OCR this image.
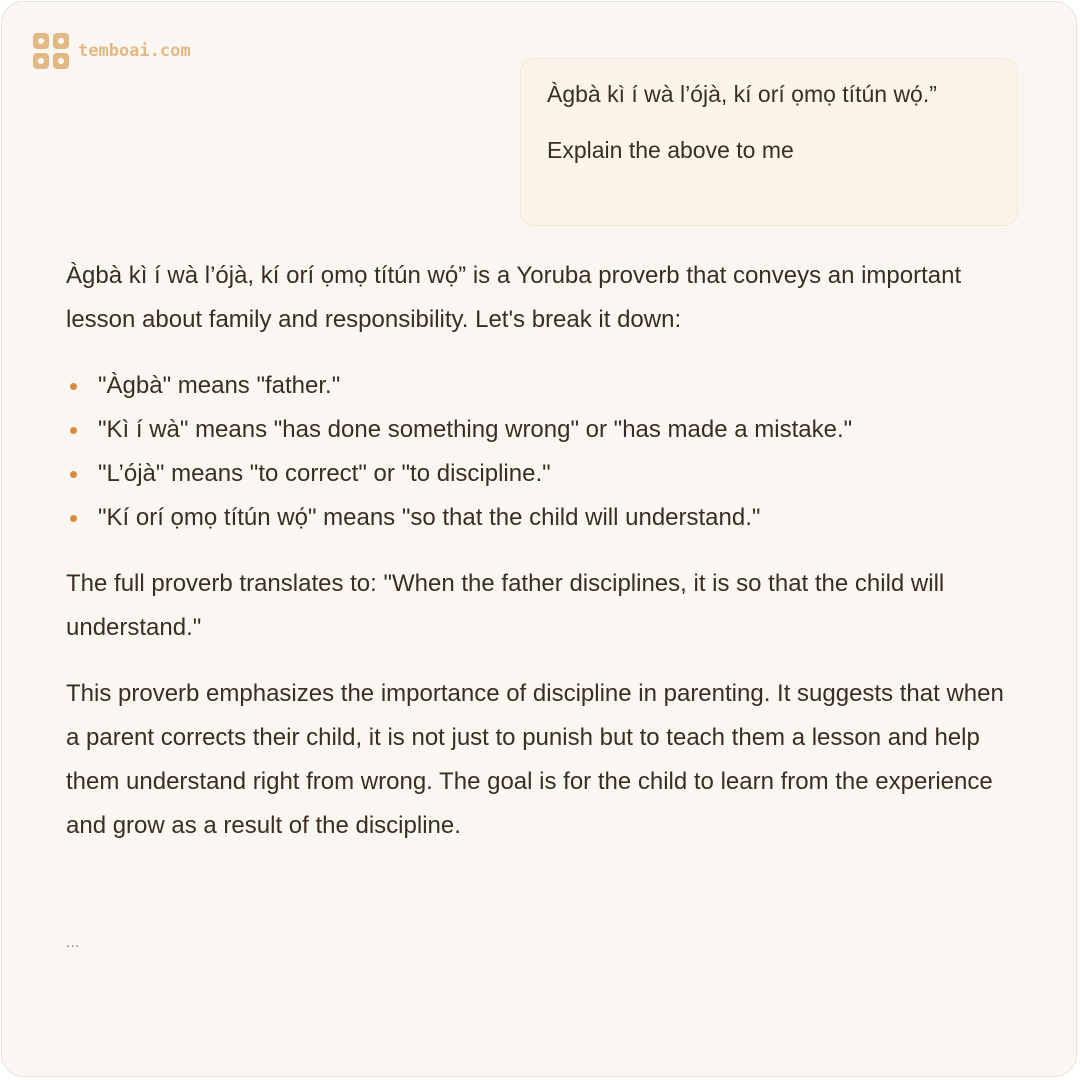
temboai.com

Àgbà kì í wà l’ójà, kí orí ọmọ títún wọ́.”

Explain the above to me

Àgbà kì í wà l’ójà, kí orí ọmọ títún wọ́” is a Yoruba proverb that conveys an important lesson about family and responsibility. Let's break it down:

"Àgbà" means "father."
"Kì í wà" means "has done something wrong" or "has made a mistake."
"L’ójà" means "to correct" or "to discipline."
"Kí orí ọmọ títún wọ́" means "so that the child will understand."

The full proverb translates to: "When the father disciplines, it is so that the child will understand."

This proverb emphasizes the importance of discipline in parenting. It suggests that when a parent corrects their child, it is not just to punish but to teach them a lesson and help them understand right from wrong. The goal is for the child to learn from the experience and grow as a result of the discipline.

...
